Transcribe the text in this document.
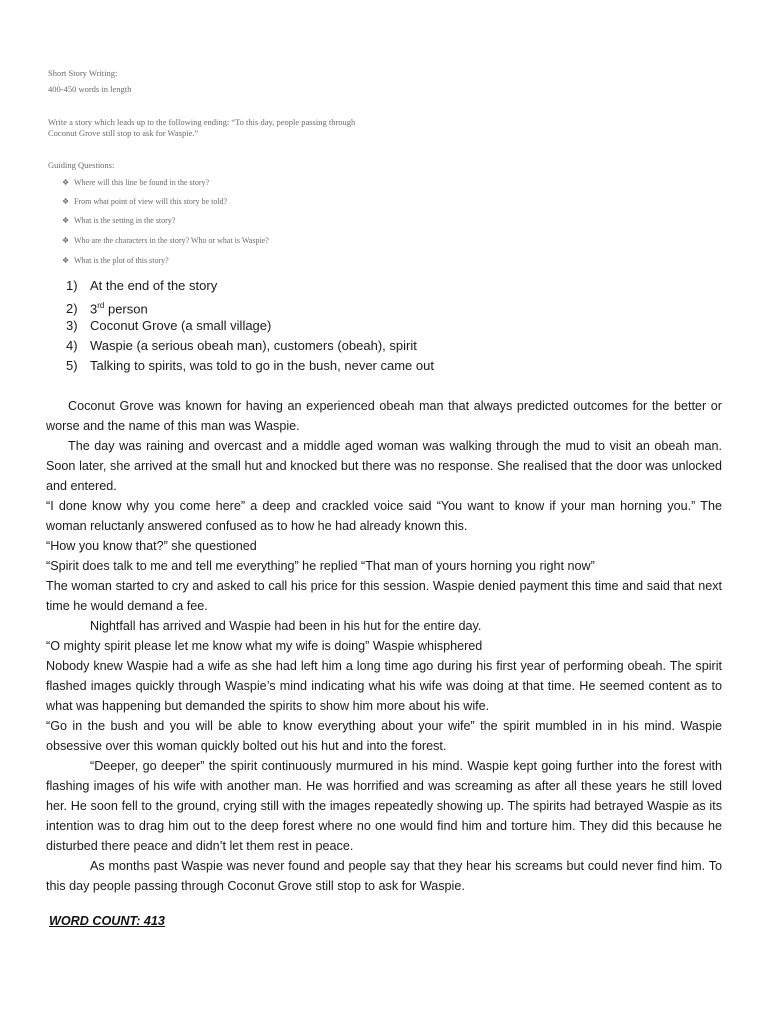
Short Story Writing:
400-450 words in length
Write a story which leads up to the following ending: “To this day, people passing through
Coconut Grove still stop to ask for Waspie.”
Guiding Questions:
❖ Where will this line be found in the story?
❖ From what point of view will this story be told?
❖ What is the setting in the story?
❖ Who are the characters in the story? Who or what is Waspie?
❖ What is the plot of this story?
1) At the end of the story
2) 3rd person
3) Coconut Grove (a small village)
4) Waspie (a serious obeah man), customers (obeah), spirit
5) Talking to spirits, was told to go in the bush, never came out

Coconut Grove was known for having an experienced obeah man that always predicted outcomes for the better or worse and the name of this man was Waspie.

The day was raining and overcast and a middle aged woman was walking through the mud to visit an obeah man. Soon later, she arrived at the small hut and knocked but there was no response. She realised that the door was unlocked and entered.

“I done know why you come here” a deep and crackled voice said “You want to know if your man horning you.” The woman reluctanly answered confused as to how he had already known this.

“How you know that?” she questioned

“Spirit does talk to me and tell me everything” he replied “That man of yours horning you right now”

The woman started to cry and asked to call his price for this session. Waspie denied payment this time and said that next time he would demand a fee.

Nightfall has arrived and Waspie had been in his hut for the entire day.

“O mighty spirit please let me know what my wife is doing” Waspie whisphered

Nobody knew Waspie had a wife as she had left him a long time ago during his first year of performing obeah. The spirit flashed images quickly through Waspie’s mind indicating what his wife was doing at that time. He seemed content as to what was happening but demanded the spirits to show him more about his wife.

“Go in the bush and you will be able to know everything about your wife” the spirit mumbled in in his mind. Waspie obsessive over this woman quickly bolted out his hut and into the forest.

“Deeper, go deeper” the spirit continuously murmured in his mind. Waspie kept going further into the forest with flashing images of his wife with another man. He was horrified and was screaming as after all these years he still loved her. He soon fell to the ground, crying still with the images repeatedly showing up. The spirits had betrayed Waspie as its intention was to drag him out to the deep forest where no one would find him and torture him. They did this because he disturbed there peace and didn’t let them rest in peace.

As months past Waspie was never found and people say that they hear his screams but could never find him. To this day people passing through Coconut Grove still stop to ask for Waspie.

WORD COUNT: 413
